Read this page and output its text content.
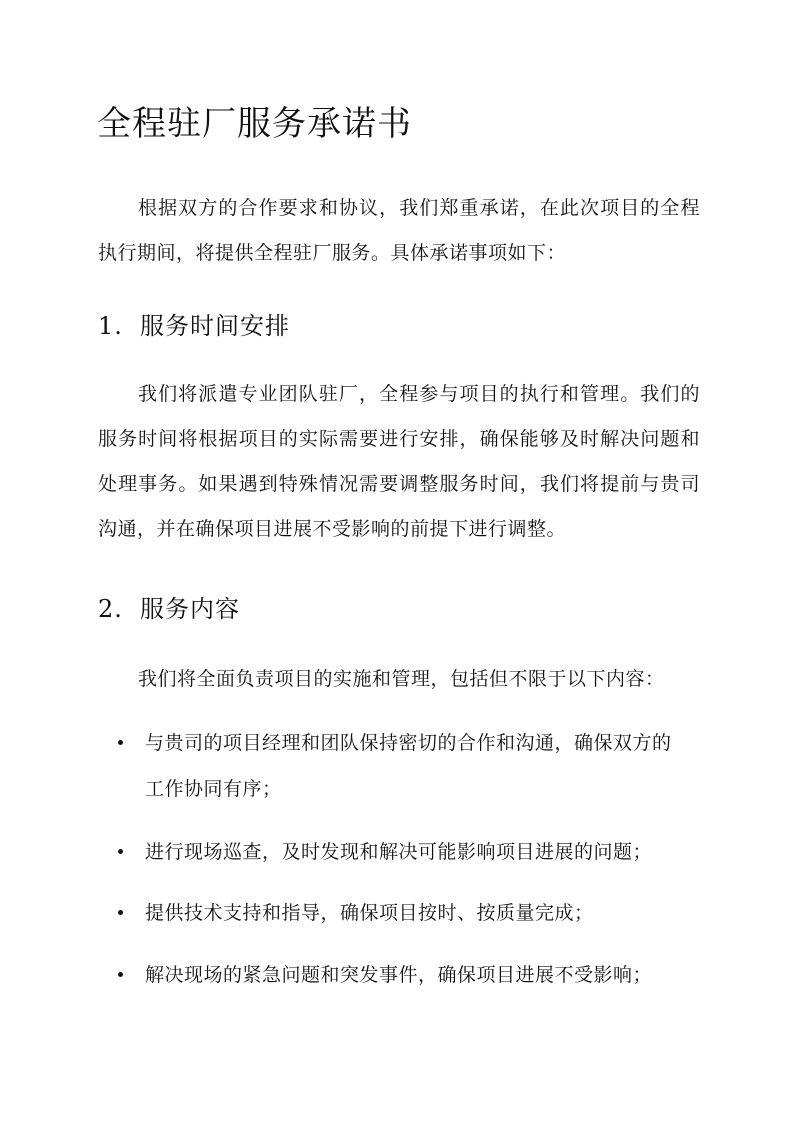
全程驻厂服务承诺书

根据双方的合作要求和协议，我们郑重承诺，在此次项目的全程执行期间，将提供全程驻厂服务。具体承诺事项如下：

1. 服务时间安排

我们将派遣专业团队驻厂，全程参与项目的执行和管理。我们的服务时间将根据项目的实际需要进行安排，确保能够及时解决问题和处理事务。如果遇到特殊情况需要调整服务时间，我们将提前与贵司沟通，并在确保项目进展不受影响的前提下进行调整。

2. 服务内容

我们将全面负责项目的实施和管理，包括但不限于以下内容：

与贵司的项目经理和团队保持密切的合作和沟通，确保双方的工作协同有序；
进行现场巡查，及时发现和解决可能影响项目进展的问题；
提供技术支持和指导，确保项目按时、按质量完成；
解决现场的紧急问题和突发事件，确保项目进展不受影响；
